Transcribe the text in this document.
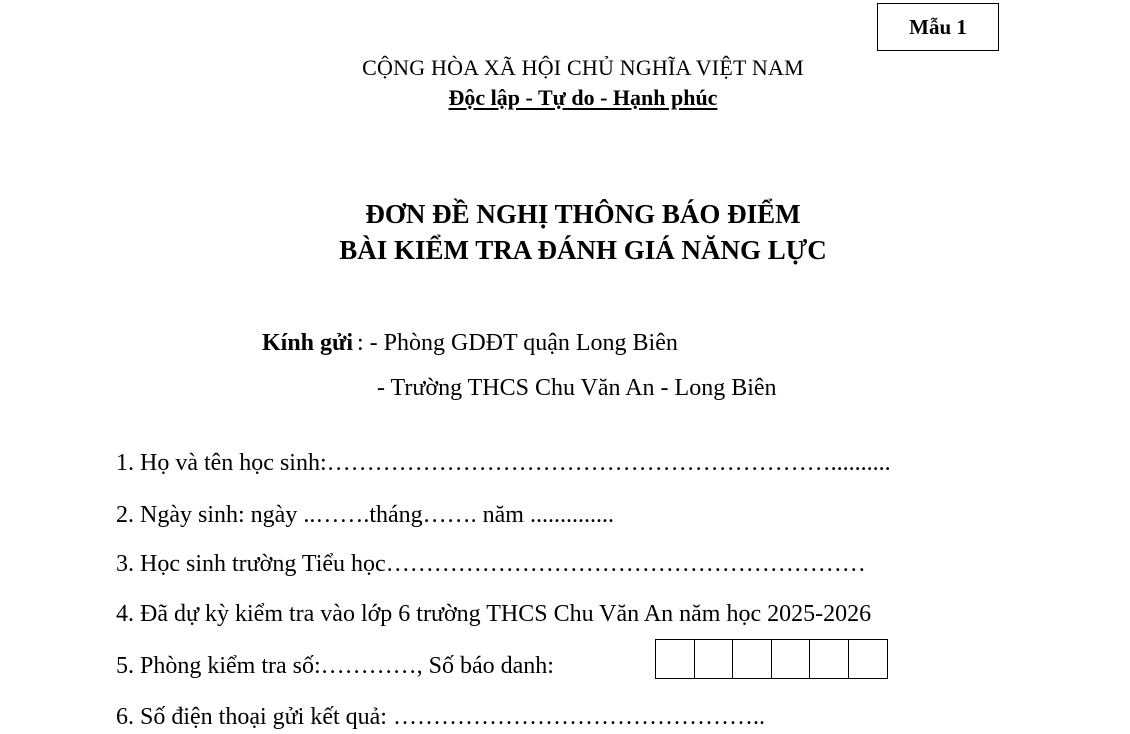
Mẫu 1
CỘNG HÒA XÃ HỘI CHỦ NGHĨA VIỆT NAM
Độc lập - Tự do - Hạnh phúc
ĐƠN ĐỀ NGHỊ THÔNG BÁO ĐIỂM
BÀI KIỂM TRA ĐÁNH GIÁ NĂNG LỰC
Kính gửi : - Phòng GDĐT quận Long Biên
- Trường THCS Chu Văn An - Long Biên
1. Họ và tên học sinh:………………………………………………………..........
2. Ngày sinh: ngày ..…….tháng……. năm ..............
3. Học sinh trường Tiểu học……………………………………………………
4. Đã dự kỳ kiểm tra vào lớp 6 trường THCS Chu Văn An năm học 2025-2026
5. Phòng kiểm tra số:…………, Số báo danh:
6. Số điện thoại gửi kết quả: ………………………………………..
